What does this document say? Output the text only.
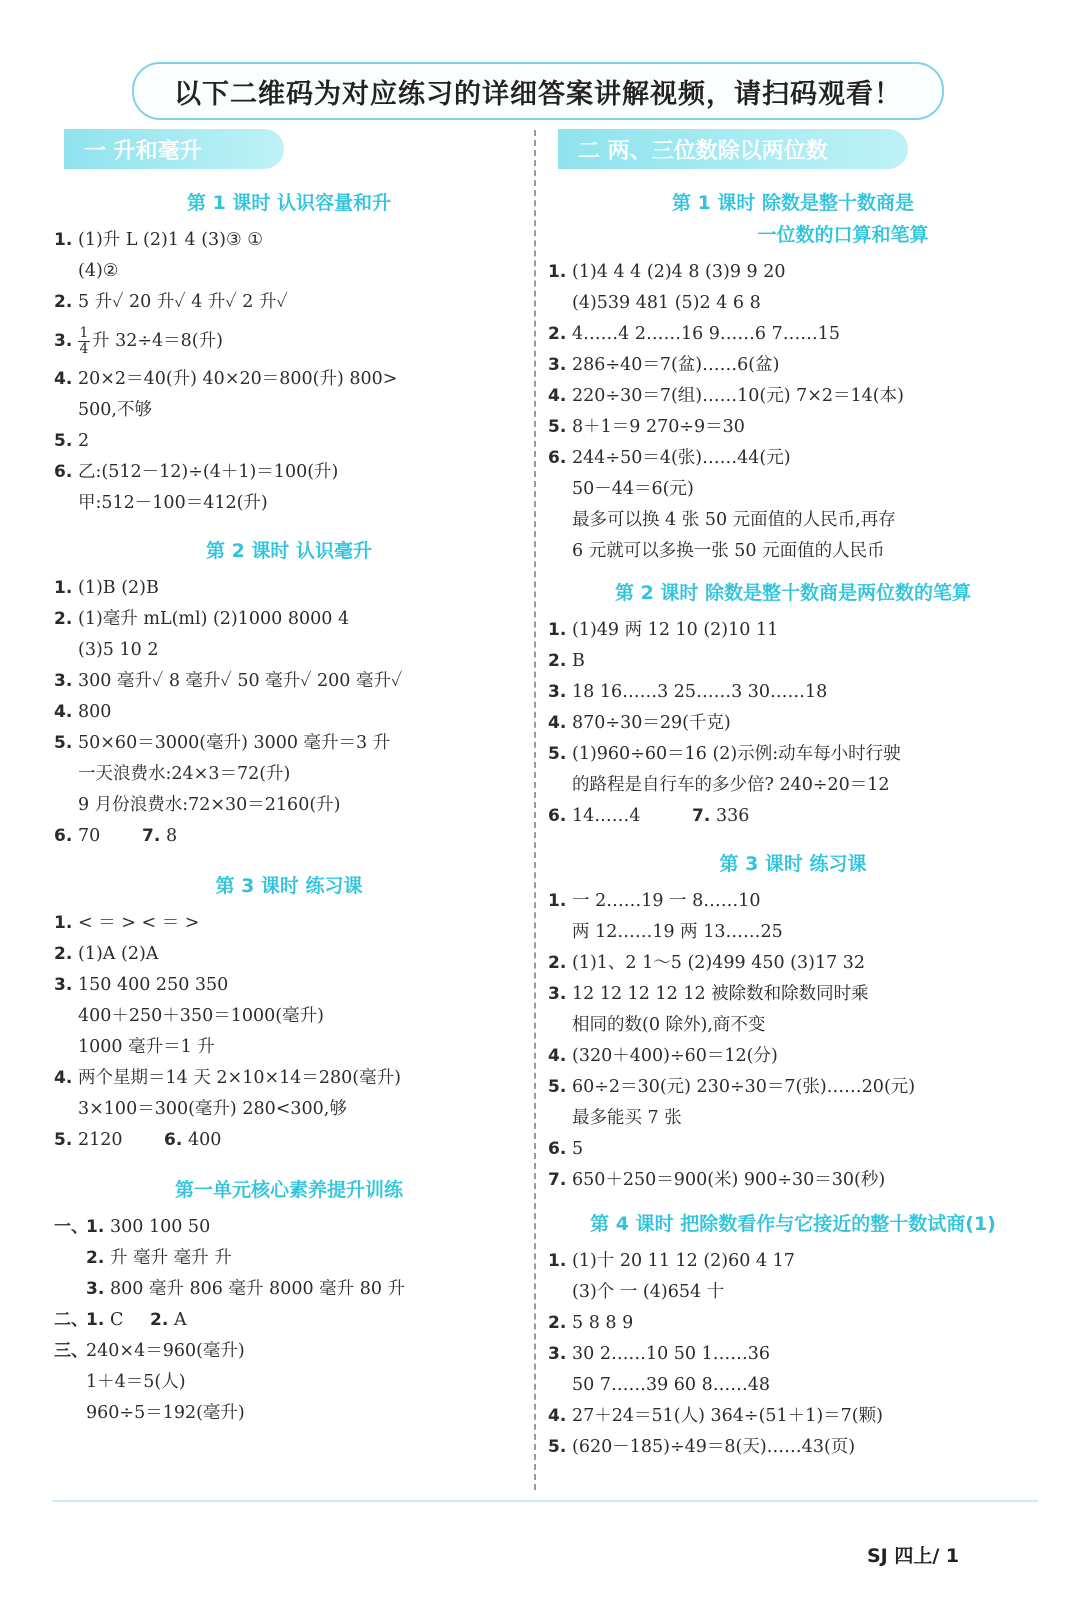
以下二维码为对应练习的详细答案讲解视频，请扫码观看！
一 升和毫升
第 1 课时 认识容量和升
1. (1)升 L (2)1 4 (3)③ ①
(4)②
2. 5 升✓ 20 升✓ 4 升✓ 2 升✓
3. $\frac{1}{4}$ 升 32÷4＝8(升)
4. 20×2＝40(升) 40×20＝800(升) 800>
500,不够
5. 2
6. 乙:(512－12)÷(4＋1)＝100(升)
甲:512－100＝412(升)
第 2 课时 认识毫升
1. (1)B (2)B
2. (1)毫升 mL(ml) (2)1000 8000 4
(3)5 10 2
3. 300 毫升✓ 8 毫升✓ 50 毫升✓ 200 毫升✓
4. 800
5. 50×60＝3000(毫升) 3000 毫升＝3 升
一天浪费水:24×3＝72(升)
9 月份浪费水:72×30＝2160(升)
6. 70	7. 8
第 3 课时 练习课
1. < ＝ > < ＝ >
2. (1)A (2)A
3. 150 400 250 350
400＋250＋350＝1000(毫升)
1000 毫升＝1 升
4. 两个星期＝14 天 2×10×14＝280(毫升)
3×100＝300(毫升) 280<300,够
5. 2120	6. 400
第一单元核心素养提升训练
一、
1. 300 100 50
2. 升 毫升 毫升 升
3. 800 毫升 806 毫升 8000 毫升 80 升
二、
1. C	2. A
三、
240×4＝960(毫升)
1＋4＝5(人)
960÷5＝192(毫升)
二 两、三位数除以两位数
第 1 课时 除数是整十数商是
一位数的口算和笔算
1. (1)4 4 4 (2)4 8 (3)9 9 20
(4)539 481 (5)2 4 6 8
2. 4……4 2……16 9……6 7……15
3. 286÷40＝7(盆)……6(盆)
4. 220÷30＝7(组)……10(元) 7×2＝14(本)
5. 8＋1＝9 270÷9＝30
6. 244÷50＝4(张)……44(元)
50－44＝6(元)
最多可以换 4 张 50 元面值的人民币,再存
6 元就可以多换一张 50 元面值的人民币
第 2 课时 除数是整十数商是两位数的笔算
1. (1)49 两 12 10 (2)10 11
2. B
3. 18 16……3 25……3 30……18
4. 870÷30＝29(千克)
5. (1)960÷60＝16 (2)示例:动车每小时行驶
的路程是自行车的多少倍? 240÷20＝12
6. 14……4	7. 336
第 3 课时 练习课
1. 一 2……19 一 8……10
两 12……19 两 13……25
2. (1)1、2 1～5 (2)499 450 (3)17 32
3. 12 12 12 12 12 被除数和除数同时乘
相同的数(0 除外),商不变
4. (320＋400)÷60＝12(分)
5. 60÷2＝30(元) 230÷30＝7(张)……20(元)
最多能买 7 张
6. 5
7. 650＋250＝900(米) 900÷30＝30(秒)
第 4 课时 把除数看作与它接近的整十数试商(1)
1. (1)十 20 11 12 (2)60 4 17
(3)个 一 (4)654 十
2. 5 8 8 9
3. 30 2……10 50 1……36
50 7……39 60 8……48
4. 27＋24＝51(人) 364÷(51＋1)＝7(颗)
5. (620－185)÷49＝8(天)……43(页)
SJ 四上/ 1
